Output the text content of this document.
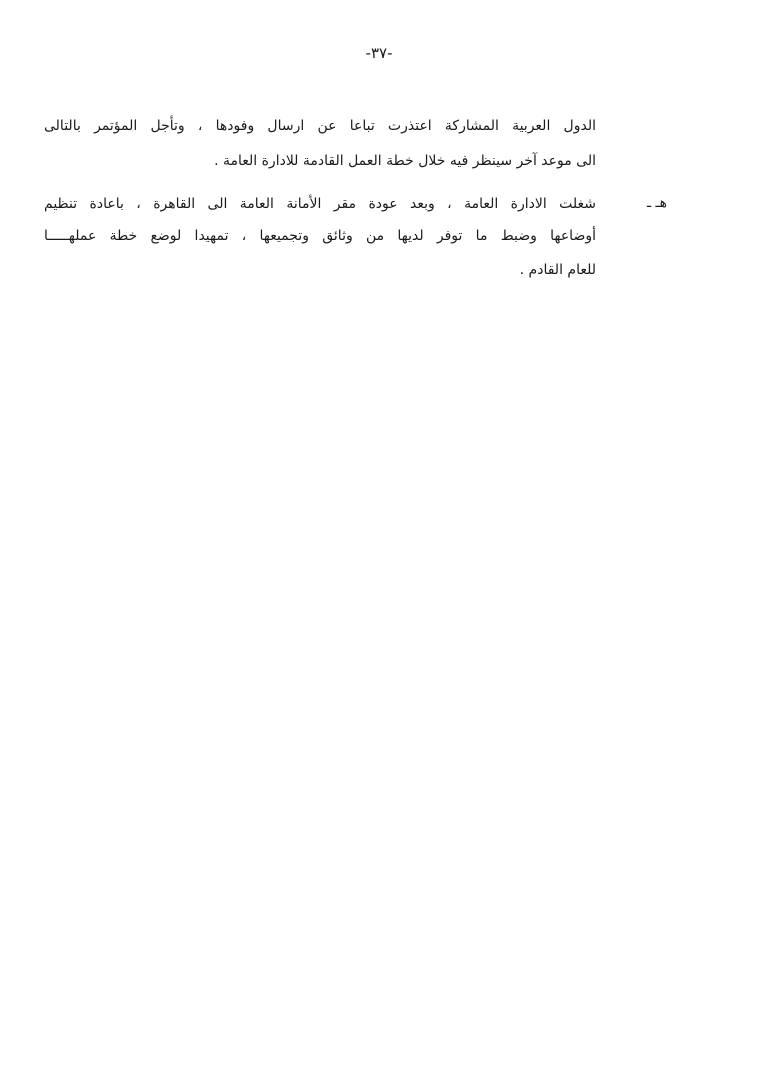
-٣٧-
الدول العربية المشاركة اعتذرت تباعا عن ارسال وفودها ، وتأجل المؤتمر بالتالى
الى موعد آخر سينظر فيه خلال خطة العمل القادمة للادارة العامة .
هـ ـ
شغلت الادارة العامة ، وبعد عودة مقر الأمانة العامة الى القاهرة ، باعادة تنظيم
أوضاعها وضبط ما توفر لديها من وثائق وتجميعها ، تمهيدا لوضع خطة عملهـــــا
للعام القادم .
